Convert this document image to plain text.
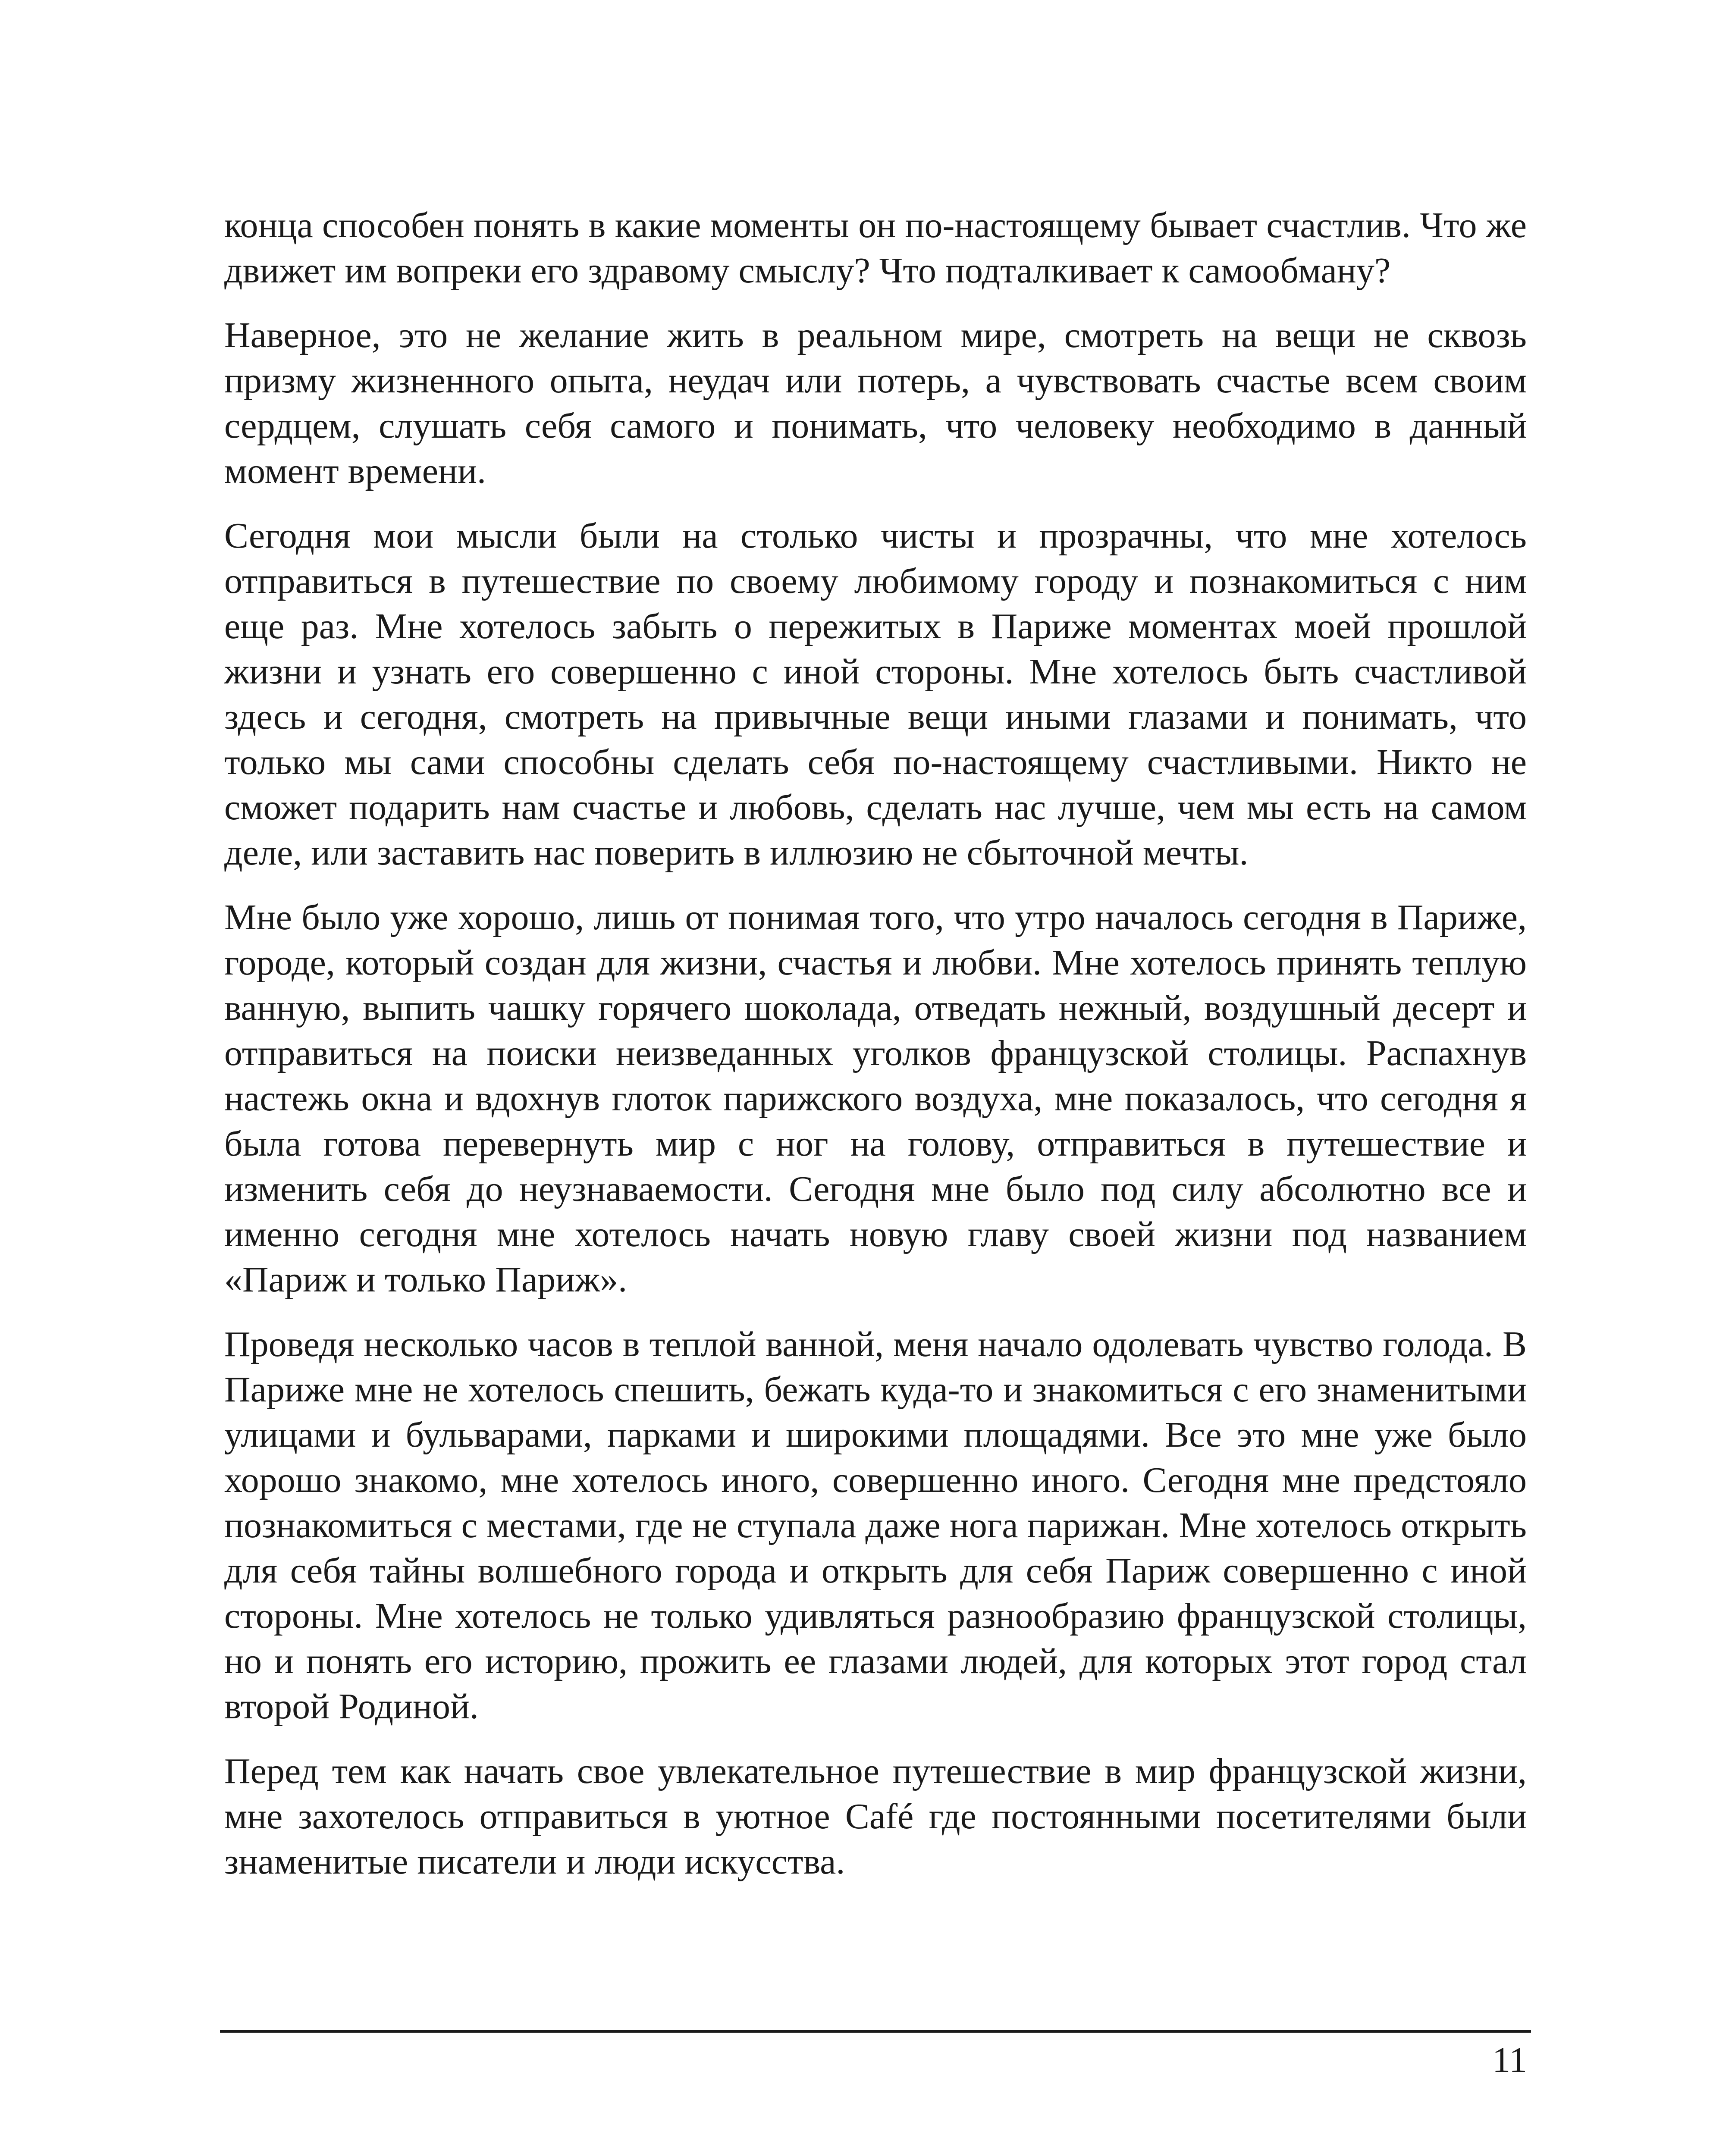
конца способен понять в какие моменты он по-настоящему бывает счастлив. Что же движет им вопреки его здравому смыслу? Что подталкивает к самообману?

Наверное, это не желание жить в реальном мире, смотреть на вещи не сквозь призму жизненного опыта, неудач или потерь, а чувствовать счастье всем своим сердцем, слушать себя самого и понимать, что человеку необходимо в данный момент времени.

Сегодня мои мысли были на столько чисты и прозрачны, что мне хотелось отправиться в путешествие по своему любимому городу и познакомиться с ним еще раз. Мне хотелось забыть о пережитых в Париже моментах моей прошлой жизни и узнать его совершенно с иной стороны. Мне хотелось быть счастливой здесь и сегодня, смотреть на привычные вещи иными глазами и понимать, что только мы сами способны сделать себя по-настоящему счастливыми. Никто не сможет подарить нам счастье и любовь, сделать нас лучше, чем мы есть на самом деле, или заставить нас поверить в иллюзию не сбыточной мечты.

Мне было уже хорошо, лишь от понимая того, что утро началось сегодня в Париже, городе, который создан для жизни, счастья и любви. Мне хотелось принять теплую ванную, выпить чашку горячего шоколада, отведать нежный, воздушный десерт и отправиться на поиски неизведанных уголков французской столицы. Распахнув настежь окна и вдохнув глоток парижского воздуха, мне показалось, что сегодня я была готова перевернуть мир с ног на голову, отправиться в путешествие и изменить себя до неузнаваемости. Сегодня мне было под силу абсолютно все и именно сегодня мне хотелось начать новую главу своей жизни под названием «Париж и только Париж».

Проведя несколько часов в теплой ванной, меня начало одолевать чувство голода. В Париже мне не хотелось спешить, бежать куда-то и знакомиться с его знаменитыми улицами и бульварами, парками и широкими площадями. Все это мне уже было хорошо знакомо, мне хотелось иного, совершенно иного. Сегодня мне предстояло познакомиться с местами, где не ступала даже нога парижан. Мне хотелось открыть для себя тайны волшебного города и открыть для себя Париж совершенно с иной стороны. Мне хотелось не только удивляться разнообразию французской столицы, но и понять его историю, прожить ее глазами людей, для которых этот город стал второй Родиной.

Перед тем как начать свое увлекательное путешествие в мир французской жизни, мне захотелось отправиться в уютное Café где постоянными посетителями были знаменитые писатели и люди искусства.

11
